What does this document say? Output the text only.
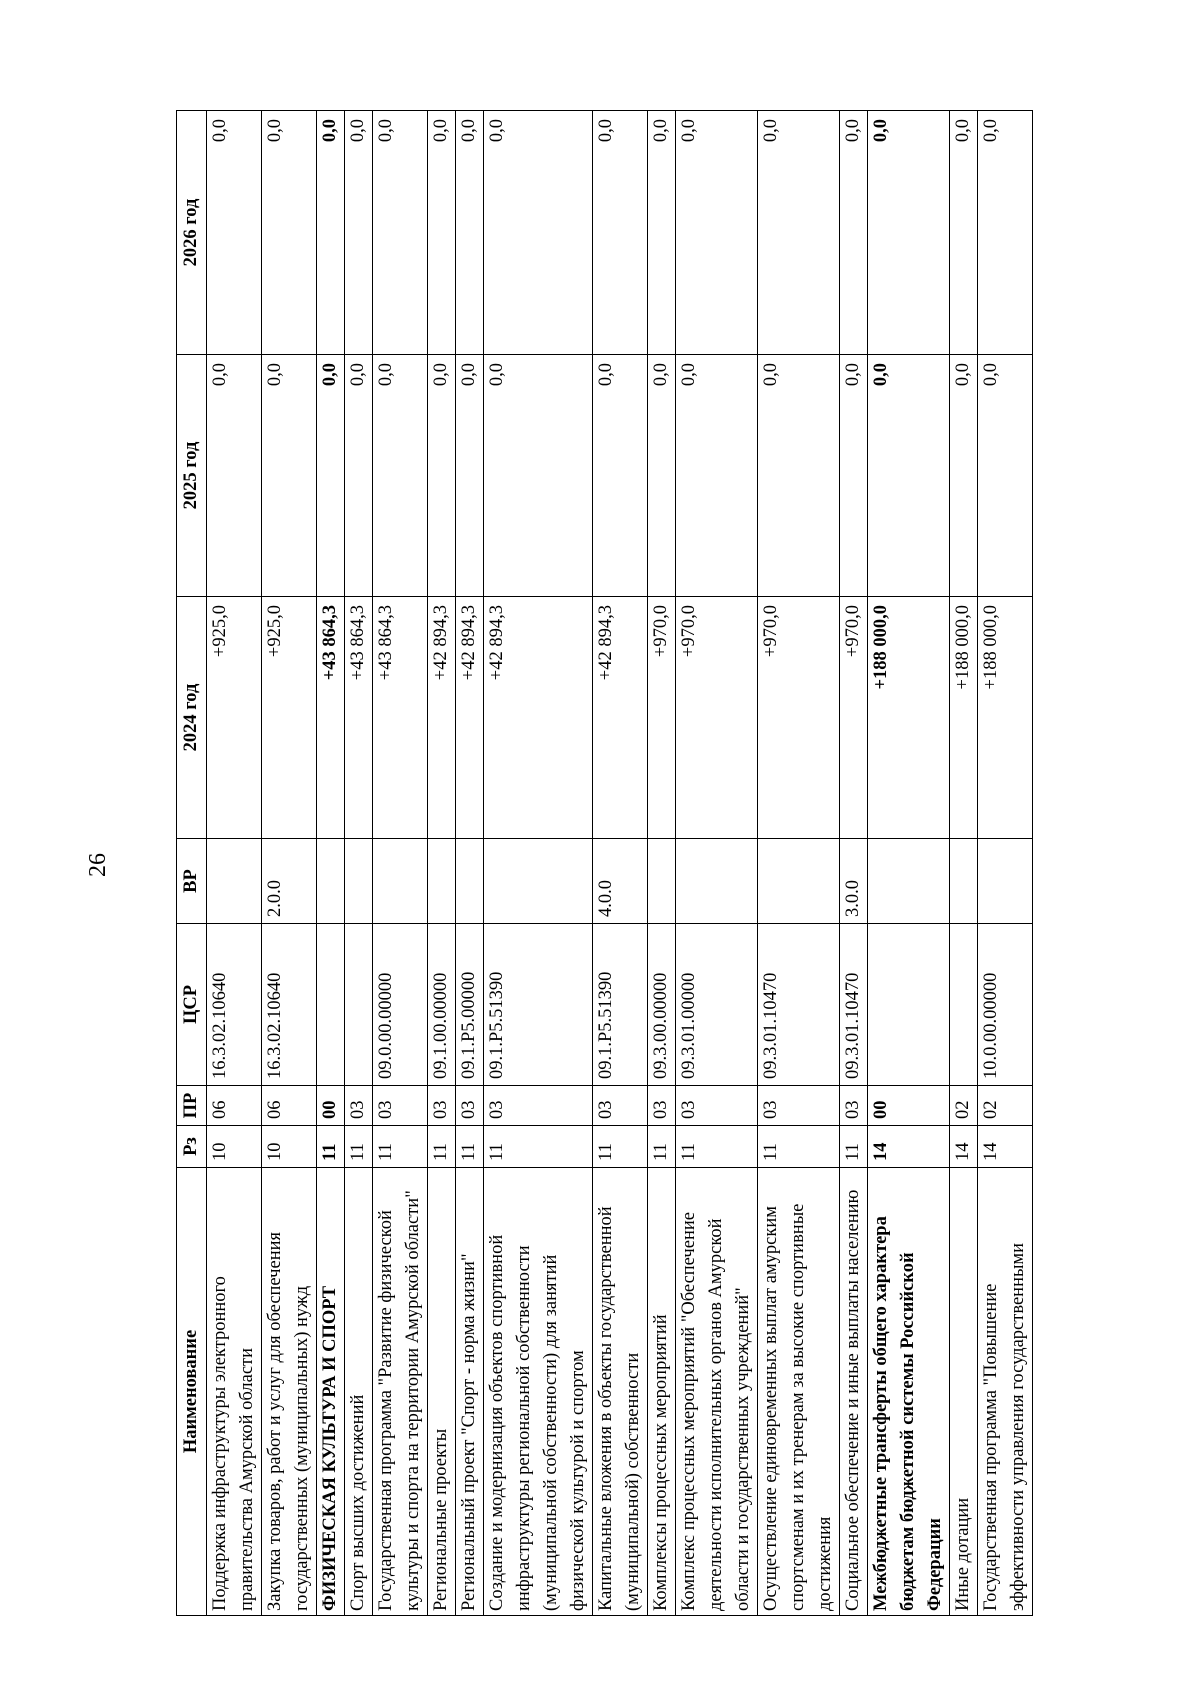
26
Наименование	Рз	ПР	ЦСР	ВР	2024 год	2025 год	2026 год
Поддержка инфраструктуры электронного правительства Амурской области	10	06	16.3.02.10640		+925,0	0,0	0,0
Закупка товаров, работ и услуг для обеспечения государственных (муниципальных) нужд	10	06	16.3.02.10640	2.0.0	+925,0	0,0	0,0
ФИЗИЧЕСКАЯ КУЛЬТУРА И СПОРТ	11	00			+43 864,3	0,0	0,0
Спорт высших достижений	11	03			+43 864,3	0,0	0,0
Государственная программа "Развитие физической культуры и спорта на территории Амурской области"	11	03	09.0.00.00000		+43 864,3	0,0	0,0
Региональные проекты	11	03	09.1.00.00000		+42 894,3	0,0	0,0
Региональный проект "Спорт - норма жизни"	11	03	09.1.Р5.00000		+42 894,3	0,0	0,0
Создание и модернизация объектов спортивной инфраструктуры региональной собственности (муниципальной собственности) для занятий физической культурой и спортом	11	03	09.1.Р5.51390		+42 894,3	0,0	0,0
Капитальные вложения в объекты государственной (муниципальной) собственности	11	03	09.1.Р5.51390	4.0.0	+42 894,3	0,0	0,0
Комплексы процессных мероприятий	11	03	09.3.00.00000		+970,0	0,0	0,0
Комплекс процессных мероприятий "Обеспечение деятельности исполнительных органов Амурской области и государственных учреждений"	11	03	09.3.01.00000		+970,0	0,0	0,0
Осуществление единовременных выплат амурским спортсменам и их тренерам за высокие спортивные достижения	11	03	09.3.01.10470		+970,0	0,0	0,0
Социальное обеспечение и иные выплаты населению	11	03	09.3.01.10470	3.0.0	+970,0	0,0	0,0
Межбюджетные трансферты общего характера бюджетам бюджетной системы Российской Федерации	14	00			+188 000,0	0,0	0,0
Иные дотации	14	02			+188 000,0	0,0	0,0
Государственная программа "Повышение эффективности управления государственными	14	02	10.0.00.00000		+188 000,0	0,0	0,0
